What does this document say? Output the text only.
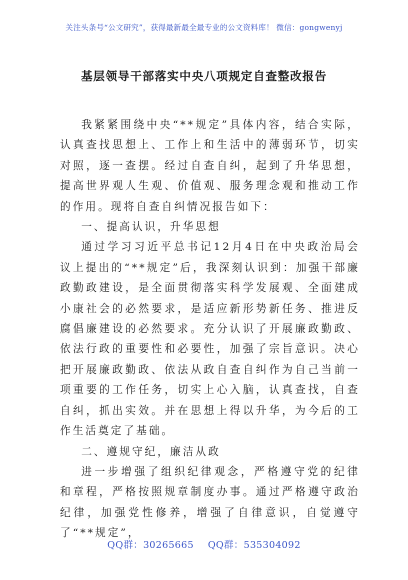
关注头条号“公文研究”，获得最新最全最专业的公文资料库！ 微信：gongwenyj
基层领导干部落实中央八项规定自查整改报告

我紧紧围绕中央“**规定”具体内容，结合实际，认真查找思想上、工作上和生活中的薄弱环节，切实对照，逐一查摆。经过自查自纠，起到了升华思想，提高世界观人生观、价值观、服务理念观和推动工作的作用。现将自查自纠情况报告如下：

一、提高认识，升华思想

通过学习习近平总书记12月4日在中央政治局会议上提出的“**规定”后，我深刻认识到：加强干部廉政勤政建设，是全面贯彻落实科学发展观、全面建成小康社会的必然要求，是适应新形势新任务、推进反腐倡廉建设的必然要求。充分认识了开展廉政勤政、依法行政的重要性和必要性，加强了宗旨意识。决心把开展廉政勤政、依法从政自查自纠作为自己当前一项重要的工作任务，切实上心入脑，认真查找，自查自纠，抓出实效。并在思想上得以升华，为今后的工作生活奠定了基础。

二、遵规守纪，廉洁从政

进一步增强了组织纪律观念，严格遵守党的纪律和章程，严格按照规章制度办事。通过严格遵守政治纪律，加强党性修养，增强了自律意识，自觉遵守了“**规定”，

QQ群：30265665 QQ群：535304092
